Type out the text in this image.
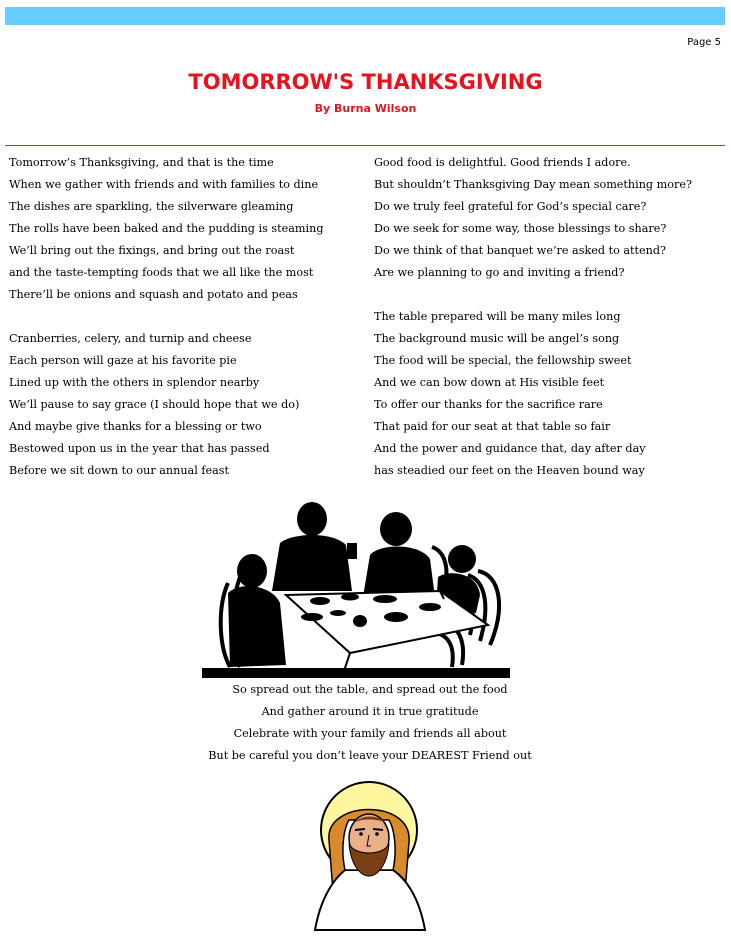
Page 5
TOMORROW'S THANKSGIVING
By Burna Wilson
Tomorrow’s Thanksgiving, and that is the time
When we gather with friends and with families to dine
The dishes are sparkling, the silverware gleaming
The rolls have been baked and the pudding is steaming
We’ll bring out the fixings, and bring out the roast
and the taste-tempting foods that we all like the most
There’ll be onions and squash and potato and peas
Cranberries, celery, and turnip and cheese
Each person will gaze at his favorite pie
Lined up with the others in splendor nearby
We’ll pause to say grace (I should hope that we do)
And maybe give thanks for a blessing or two
Bestowed upon us in the year that has passed
Before we sit down to our annual feast
Good food is delightful. Good friends I adore.
But shouldn’t Thanksgiving Day mean something more?
Do we truly feel grateful for God’s special care?
Do we seek for some way, those blessings to share?
Do we think of that banquet we’re asked to attend?
Are we planning to go and inviting a friend?
The table prepared will be many miles long
The background music will be angel’s song
The food will be special, the fellowship sweet
And we can bow down at His visible feet
To offer our thanks for the sacrifice rare
That paid for our seat at that table so fair
And the power and guidance that, day after day
has steadied our feet on the Heaven bound way
So spread out the table, and spread out the food
And gather around it in true gratitude
Celebrate with your family and friends all about
But be careful you don’t leave your DEAREST Friend out
